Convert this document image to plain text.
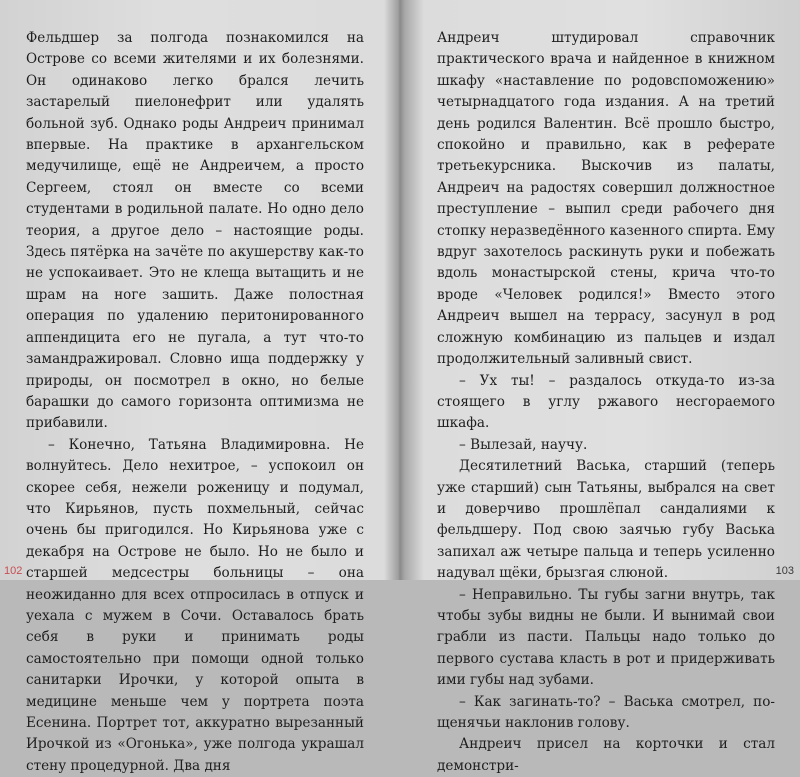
Фельдшер за полгода познакомился на Острове со всеми жителями и их болезнями. Он одинаково легко брался лечить застарелый пиелонефрит или удалять больной зуб. Однако роды Андреич принимал впервые. На практике в архангельском медучилище, ещё не Андреичем, а просто Сергеем, стоял он вместе со всеми студентами в родильной палате. Но одно дело теория, а другое дело – настоящие роды. Здесь пятёрка на зачёте по акушерству как-то не успокаивает. Это не клеща вытащить и не шрам на ноге зашить. Даже полостная операция по удалению перитонированного аппендицита его не пугала, а тут что-то замандражировал. Словно ища поддержку у природы, он посмотрел в окно, но белые барашки до самого горизонта оптимизма не прибавили.

– Конечно, Татьяна Владимировна. Не волнуйтесь. Дело нехитрое, – успокоил он скорее себя, нежели роженицу и подумал, что Кирьянов, пусть похмельный, сейчас очень бы пригодился. Но Кирьянова уже с декабря на Острове не было. Но не было и старшей медсестры больницы – она неожиданно для всех отпросилась в отпуск и уехала с мужем в Сочи. Оставалось брать себя в руки и принимать роды самостоятельно при помощи одной только санитарки Ирочки, у которой опыта в медицине меньше чем у портрета поэта Есенина. Портрет тот, аккуратно вырезанный Ирочкой из «Огонька», уже полгода украшал стену процедурной. Два дня

Андреич штудировал справочник практического врача и найденное в книжном шкафу «наставление по родовспоможению» четырнадцатого года издания. А на третий день родился Валентин. Всё прошло быстро, спокойно и правильно, как в реферате третьекурсника. Выскочив из палаты, Андреич на радостях совершил должностное преступление – выпил среди рабочего дня стопку неразведённого казенного спирта. Ему вдруг захотелось раскинуть руки и побежать вдоль монастырской стены, крича что-то вроде «Человек родился!» Вместо этого Андреич вышел на террасу, засунул в род сложную комбинацию из пальцев и издал продолжительный заливный свист.

– Ух ты! – раздалось откуда-то из-за стоящего в углу ржавого несгораемого шкафа.

– Вылезай, научу.

Десятилетний Васька, старший (теперь уже старший) сын Татьяны, выбрался на свет и доверчиво прошлёпал сандалиями к фельдшеру. Под свою заячью губу Васька запихал аж четыре пальца и теперь усиленно надувал щёки, брызгая слюной.

– Неправильно. Ты губы загни внутрь, так чтобы зубы видны не были. И вынимай свои грабли из пасти. Пальцы надо только до первого сустава класть в рот и придерживать ими губы над зубами.

– Как загинать-то? – Васька смотрел, по-щенячьи наклонив голову.

Андреич присел на корточки и стал демонстри-

102	103
